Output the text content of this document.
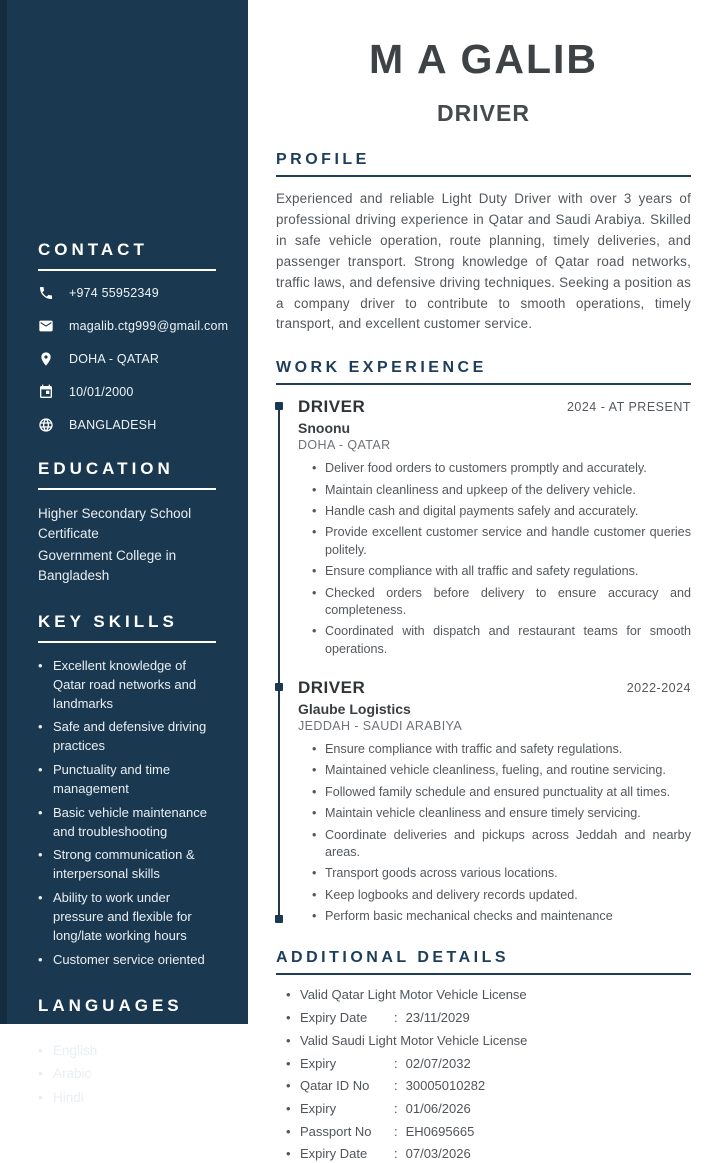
CONTACT
+974 55952349
magalib.ctg999@gmail.com
DOHA - QATAR
10/01/2000
BANGLADESH
EDUCATION
Higher Secondary School Certificate
Government College in Bangladesh
KEY SKILLS
• Excellent knowledge of Qatar road networks and landmarks
• Safe and defensive driving practices
• Punctuality and time management
• Basic vehicle maintenance and troubleshooting
• Strong communication & interpersonal skills
• Ability to work under pressure and flexible for long/late working hours
• Customer service oriented
LANGUAGES
• English
• Arabic
• Hindi
M A GALIB
DRIVER
PROFILE

Experienced and reliable Light Duty Driver with over 3 years of professional driving experience in Qatar and Saudi Arabiya. Skilled in safe vehicle operation, route planning, timely deliveries, and passenger transport. Strong knowledge of Qatar road networks, traffic laws, and defensive driving techniques. Seeking a position as a company driver to contribute to smooth operations, timely transport, and excellent customer service.

WORK EXPERIENCE
DRIVER	2024 - AT PRESENT
Snoonu
DOHA - QATAR
• Deliver food orders to customers promptly and accurately.
• Maintain cleanliness and upkeep of the delivery vehicle.
• Handle cash and digital payments safely and accurately.
• Provide excellent customer service and handle customer queries politely.
• Ensure compliance with all traffic and safety regulations.
• Checked orders before delivery to ensure accuracy and completeness.
• Coordinated with dispatch and restaurant teams for smooth operations.
DRIVER	2022-2024
Glaube Logistics
JEDDAH - SAUDI ARABIYA
• Ensure compliance with traffic and safety regulations.
• Maintained vehicle cleanliness, fueling, and routine servicing.
• Followed family schedule and ensured punctuality at all times.
• Maintain vehicle cleanliness and ensure timely servicing.
• Coordinate deliveries and pickups across Jeddah and nearby areas.
• Transport goods across various locations.
• Keep logbooks and delivery records updated.
• Perform basic mechanical checks and maintenance
ADDITIONAL DETAILS
• Valid Qatar Light Motor Vehicle License
• Expiry Date : 23/11/2029
• Valid Saudi Light Motor Vehicle License
• Expiry	: 02/07/2032
• Qatar ID No : 30005010282
• Expiry	: 01/06/2026
• Passport No : EH0695665
• Expiry Date : 07/03/2026
